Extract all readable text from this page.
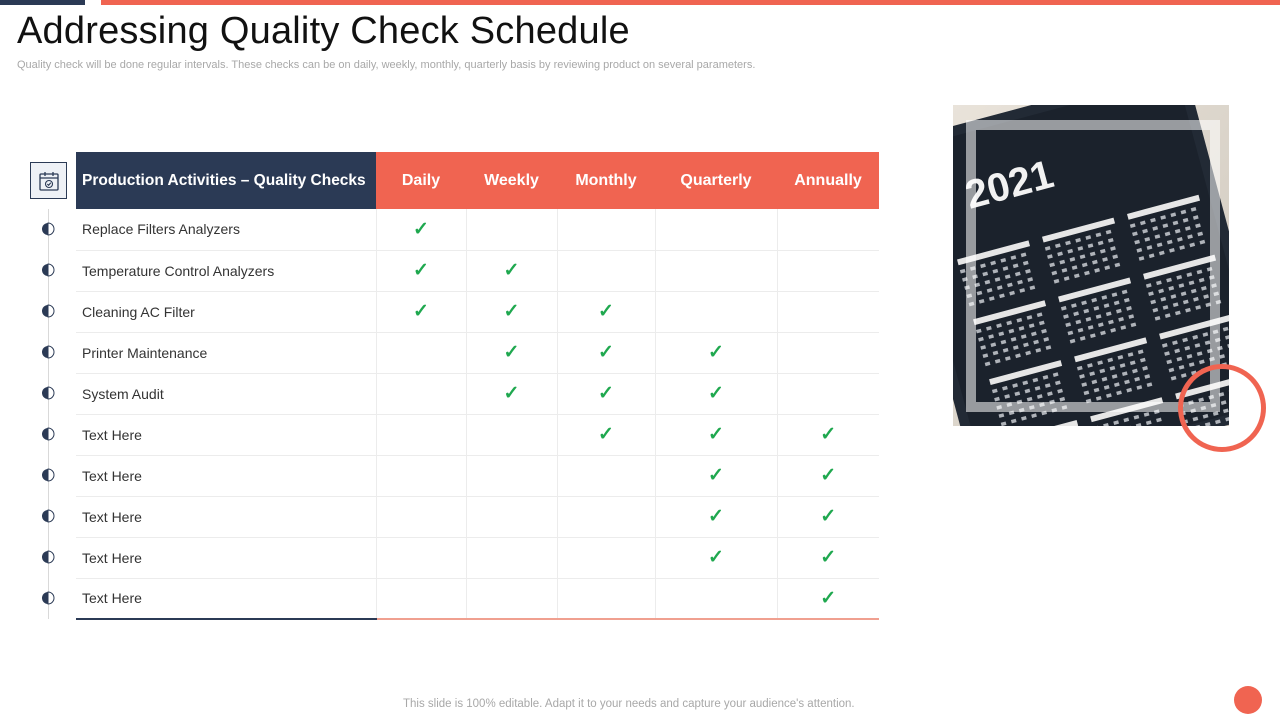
Addressing Quality Check Schedule

Quality check will be done regular intervals. These checks can be on daily, weekly, monthly, quarterly basis by reviewing product on several parameters.

Production Activities – Quality Checks	Daily	Weekly	Monthly	Quarterly	Annually
Replace Filters Analyzers	✓				
Temperature Control Analyzers	✓	✓			
Cleaning AC Filter	✓	✓	✓		
Printer Maintenance		✓	✓	✓	
System Audit		✓	✓	✓	
Text Here			✓	✓	✓
Text Here				✓	✓
Text Here				✓	✓
Text Here				✓	✓
Text Here					✓
2021
This slide is 100% editable. Adapt it to your needs and capture your audience's attention.
